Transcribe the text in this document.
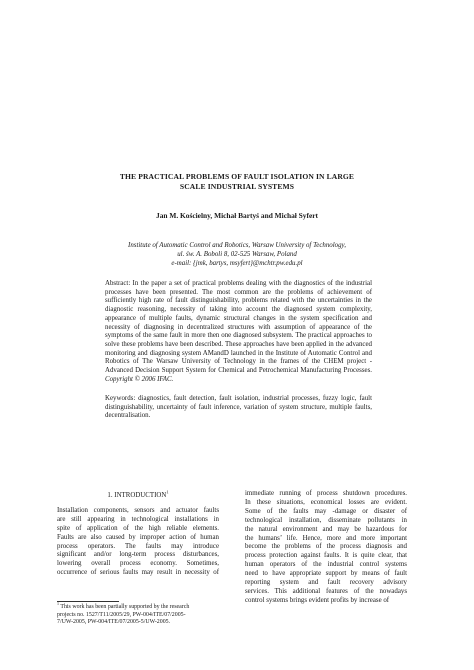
THE PRACTICAL PROBLEMS OF FAULT ISOLATION IN LARGE
SCALE INDUSTRIAL SYSTEMS
Jan M. Kościelny, Michał Bartyś and Michał Syfert
Institute of Automatic Control and Robotics, Warsaw University of Technology,
ul. św. A. Boboli 8, 02-525 Warsaw, Poland
e-mail: {jmk, bartys, msyfert}@mchtr.pw.edu.pl
Abstract: In the paper a set of practical problems dealing with the diagnostics of the industrial processes have been presented. The most common are the problems of achievement of sufficiently high rate of fault distinguishability, problems related with the uncertainties in the diagnostic reasoning, necessity of taking into account the diagnosed system complexity, appearance of multiple faults, dynamic structural changes in the system specification and necessity of diagnosing in decentralized structures with assumption of appearance of the symptoms of the same fault in more then one diagnosed subsystem. The practical approaches to solve these problems have been described. These approaches have been applied in the advanced monitoring and diagnosing system AMandD launched in the Institute of Automatic Control and Robotics of The Warsaw University of Technology in the frames of the CHEM project - Advanced Decision Support System for Chemical and Petrochemical Manufacturing Processes. Copyright © 2006 IFAC.
Keywords: diagnostics, fault detection, fault isolation, industrial processes, fuzzy logic, fault distinguishability, uncertainty of fault inference, variation of system structure, multiple faults, decentralisation.
1. INTRODUCTION$^1$
Installation components, sensors and actuator faults
are still appearing in technological installations in
spite of application of the high reliable elements.
Faults are also caused by improper action of human
process operators. The faults may introduce
significant and/or long-term process disturbances,
lowering overall process economy. Sometimes,
occurrence of serious faults may result in necessity of
immediate running of process shutdown procedures.
In these situations, economical losses are evident.
Some of the faults may -damage or disaster of
technological installation, disseminate pollutants in
the natural environment and may be hazardous for
the humans’ life. Hence, more and more important
become the problems of the process diagnosis and
process protection against faults. It is quite clear, that
human operators of the industrial control systems
need to have appropriate support by means of fault
reporting system and fault recovery advisory
services. This additional features of the nowadays
control systems brings evident profits by increase of
$^1$ This work has been partially supported by the research
projects no. 1527/T11/2005/29, PW-004/ITE/07/2005-
7/UW-2005, PW-004/ITE/07/2005-5/UW-2005.
